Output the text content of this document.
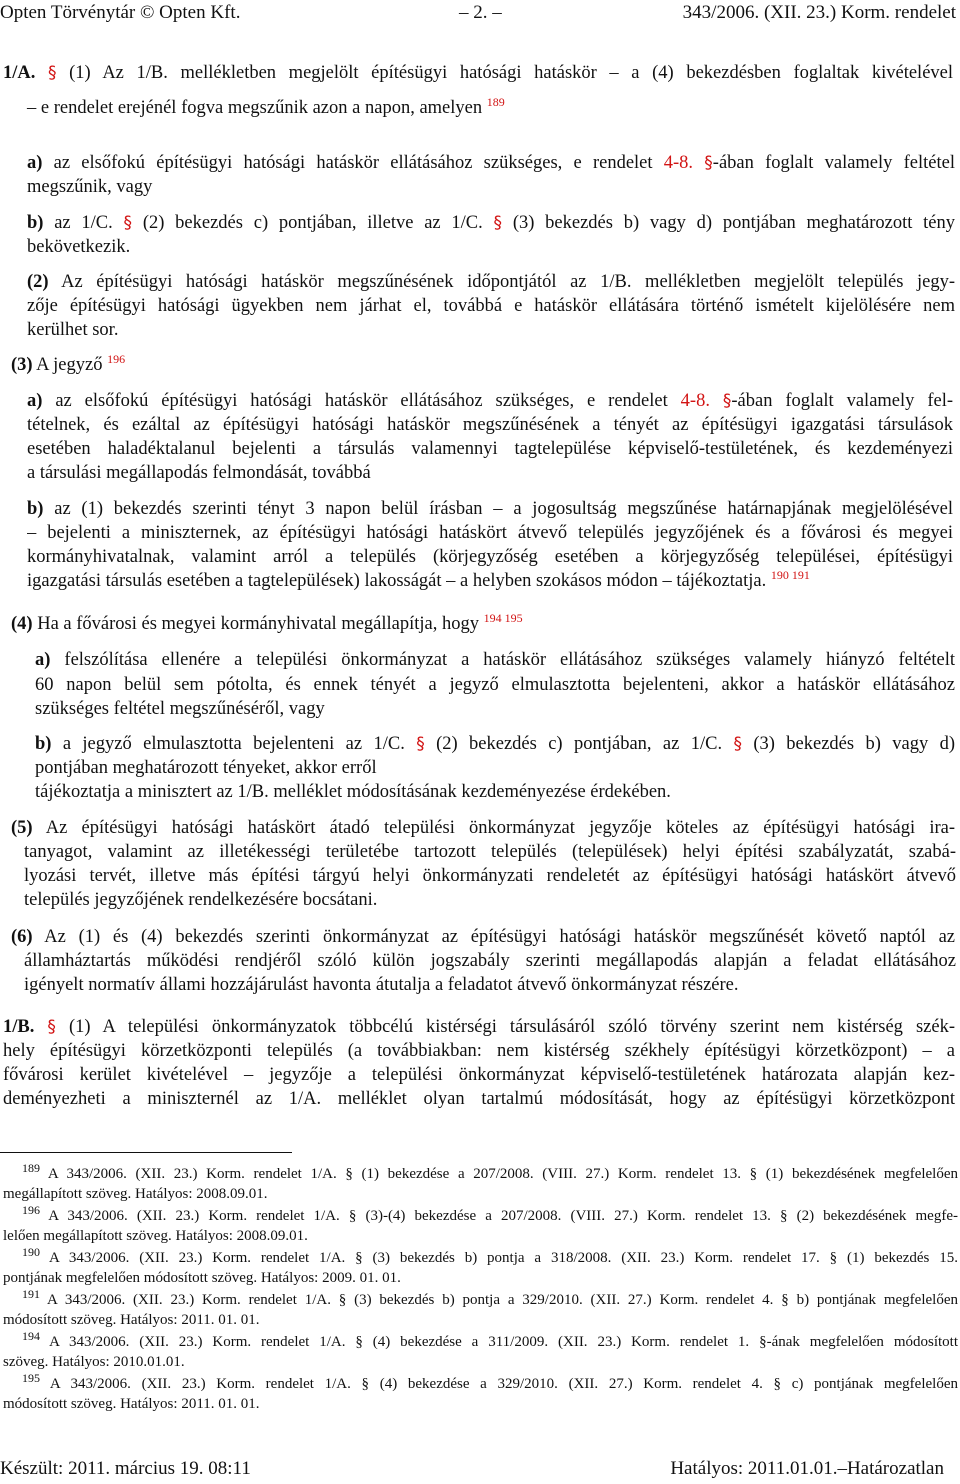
Opten Törvénytár © Opten Kft.	– 2. –	343/2006. (XII. 23.) Korm. rendelet
1/A. § (1) Az 1/B. mellékletben megjelölt építésügyi hatósági hatáskör – a (4) bekezdésben foglaltak kivételével
– e rendelet erejénél fogva megszűnik azon a napon, amelyen $^{189}$
a) az elsőfokú építésügyi hatósági hatáskör ellátásához szükséges, e rendelet 4-8. §-ában foglalt valamely feltétel
megszűnik, vagy
b) az 1/C. § (2) bekezdés c) pontjában, illetve az 1/C. § (3) bekezdés b) vagy d) pontjában meghatározott tény
bekövetkezik.
(2) Az építésügyi hatósági hatáskör megszűnésének időpontjától az 1/B. mellékletben megjelölt település jegy-
zője építésügyi hatósági ügyekben nem járhat el, továbbá e hatáskör ellátására történő ismételt kijelölésére nem
kerülhet sor.
(3) A jegyző $^{196}$
a) az elsőfokú építésügyi hatósági hatáskör ellátásához szükséges, e rendelet 4-8. §-ában foglalt valamely fel-
tételnek, és ezáltal az építésügyi hatósági hatáskör megszűnésének a tényét az építésügyi igazgatási társulások
esetében haladéktalanul bejelenti a társulás valamennyi tagtelepülése képviselő-testületének, és kezdeményezi
a társulási megállapodás felmondását, továbbá
b) az (1) bekezdés szerinti tényt 3 napon belül írásban – a jogosultság megszűnése határnapjának megjelölésével
– bejelenti a miniszternek, az építésügyi hatósági hatáskört átvevő település jegyzőjének és a fővárosi és megyei
kormányhivatalnak, valamint arról a település (körjegyzőség esetében a körjegyzőség települései, építésügyi
igazgatási társulás esetében a tagtelepülések) lakosságát – a helyben szokásos módon – tájékoztatja. $^{190 191}$
(4) Ha a fővárosi és megyei kormányhivatal megállapítja, hogy $^{194 195}$
a) felszólítása ellenére a települési önkormányzat a hatáskör ellátásához szükséges valamely hiányzó feltételt
60 napon belül sem pótolta, és ennek tényét a jegyző elmulasztotta bejelenteni, akkor a hatáskör ellátásához
szükséges feltétel megszűnéséről, vagy
b) a jegyző elmulasztotta bejelenteni az 1/C. § (2) bekezdés c) pontjában, az 1/C. § (3) bekezdés b) vagy d)
pontjában meghatározott tényeket, akkor erről
tájékoztatja a minisztert az 1/B. melléklet módosításának kezdeményezése érdekében.
(5) Az építésügyi hatósági hatáskört átadó települési önkormányzat jegyzője köteles az építésügyi hatósági ira-
tanyagot, valamint az illetékességi területébe tartozott település (települések) helyi építési szabályzatát, szabá-
lyozási tervét, illetve más építési tárgyú helyi önkormányzati rendeletét az építésügyi hatósági hatáskört átvevő
település jegyzőjének rendelkezésére bocsátani.
(6) Az (1) és (4) bekezdés szerinti önkormányzat az építésügyi hatósági hatáskör megszűnését követő naptól az
államháztartás működési rendjéről szóló külön jogszabály szerinti megállapodás alapján a feladat ellátásához
igényelt normatív állami hozzájárulást havonta átutalja a feladatot átvevő önkormányzat részére.
1/B. § (1) A települési önkormányzatok többcélú kistérségi társulásáról szóló törvény szerint nem kistérség szék-
hely építésügyi körzetközponti település (a továbbiakban: nem kistérség székhely építésügyi körzetközpont) – a
fővárosi kerület kivételével – jegyzője a települési önkormányzat képviselő-testületének határozata alapján kez-
deményezheti a miniszternél az 1/A. melléklet olyan tartalmú módosítását, hogy az építésügyi körzetközpont
$^{189}$ A 343/2006. (XII. 23.) Korm. rendelet 1/A. § (1) bekezdése a 207/2008. (VIII. 27.) Korm. rendelet 13. § (1) bekezdésének megfelelően
megállapított szöveg. Hatályos: 2008.09.01.
$^{196}$ A 343/2006. (XII. 23.) Korm. rendelet 1/A. § (3)-(4) bekezdése a 207/2008. (VIII. 27.) Korm. rendelet 13. § (2) bekezdésének megfe-
lelően megállapított szöveg. Hatályos: 2008.09.01.
$^{190}$ A 343/2006. (XII. 23.) Korm. rendelet 1/A. § (3) bekezdés b) pontja a 318/2008. (XII. 23.) Korm. rendelet 17. § (1) bekezdés 15.
pontjának megfelelően módosított szöveg. Hatályos: 2009. 01. 01.
$^{191}$ A 343/2006. (XII. 23.) Korm. rendelet 1/A. § (3) bekezdés b) pontja a 329/2010. (XII. 27.) Korm. rendelet 4. § b) pontjának megfelelően
módosított szöveg. Hatályos: 2011. 01. 01.
$^{194}$ A 343/2006. (XII. 23.) Korm. rendelet 1/A. § (4) bekezdése a 311/2009. (XII. 23.) Korm. rendelet 1. §-ának megfelelően módosított
szöveg. Hatályos: 2010.01.01.
$^{195}$ A 343/2006. (XII. 23.) Korm. rendelet 1/A. § (4) bekezdése a 329/2010. (XII. 27.) Korm. rendelet 4. § c) pontjának megfelelően
módosított szöveg. Hatályos: 2011. 01. 01.
Készült: 2011. március 19. 08:11	Hatályos: 2011.01.01.–Határozatlan
